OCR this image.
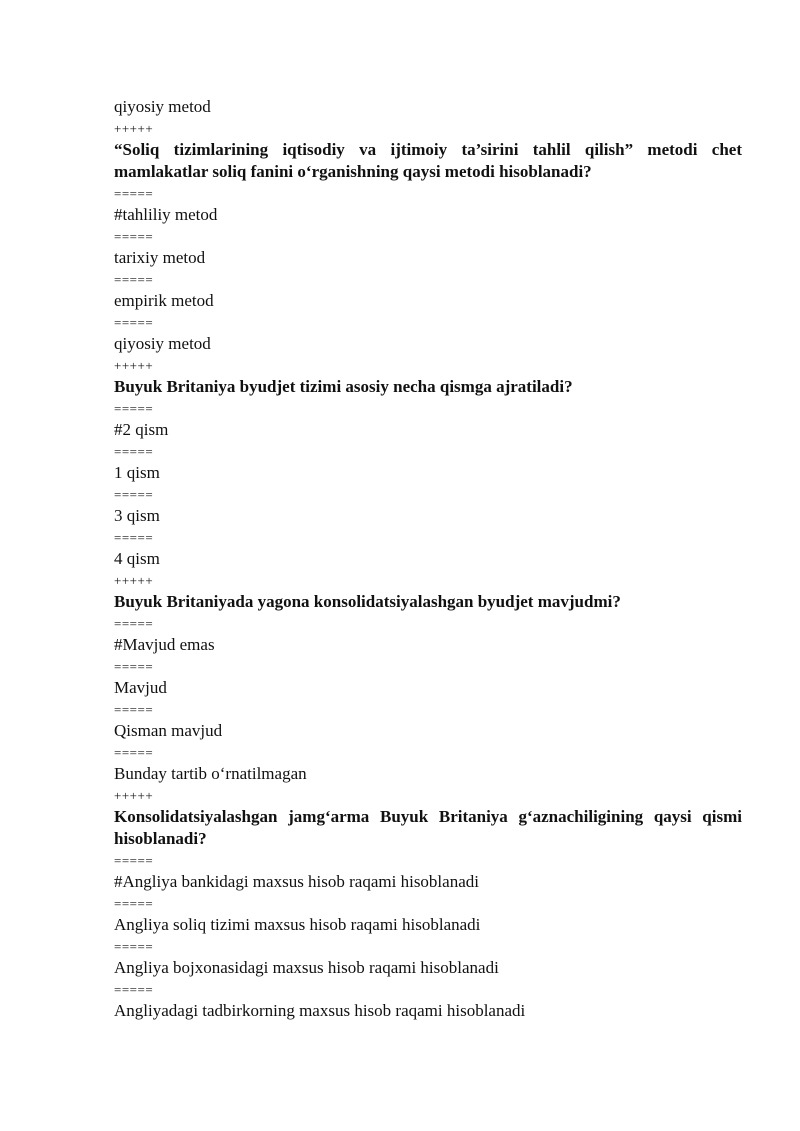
qiyosiy metod
+++++
“Soliq tizimlarining iqtisodiy va ijtimoiy ta’sirini tahlil qilish” metodi chet mamlakatlar soliq fanini o‘rganishning qaysi metodi hisoblanadi?
=====
#tahliliy metod
=====
tarixiy metod
=====
empirik metod
=====
qiyosiy metod
+++++
Buyuk Britaniya byudjet tizimi asosiy necha qismga ajratiladi?
=====
#2 qism
=====
1 qism
=====
3 qism
=====
4 qism
+++++
Buyuk Britaniyada yagona konsolidatsiyalashgan byudjet mavjudmi?
=====
#Mavjud emas
=====
Mavjud
=====
Qisman mavjud
=====
Bunday tartib o‘rnatilmagan
+++++
Konsolidatsiyalashgan jamg‘arma Buyuk Britaniya g‘aznachiligining qaysi qismi hisoblanadi?
=====
#Angliya bankidagi maxsus hisob raqami hisoblanadi
=====
Angliya soliq tizimi maxsus hisob raqami hisoblanadi
=====
Angliya bojxonasidagi maxsus hisob raqami hisoblanadi
=====
Angliyadagi tadbirkorning maxsus hisob raqami hisoblanadi
